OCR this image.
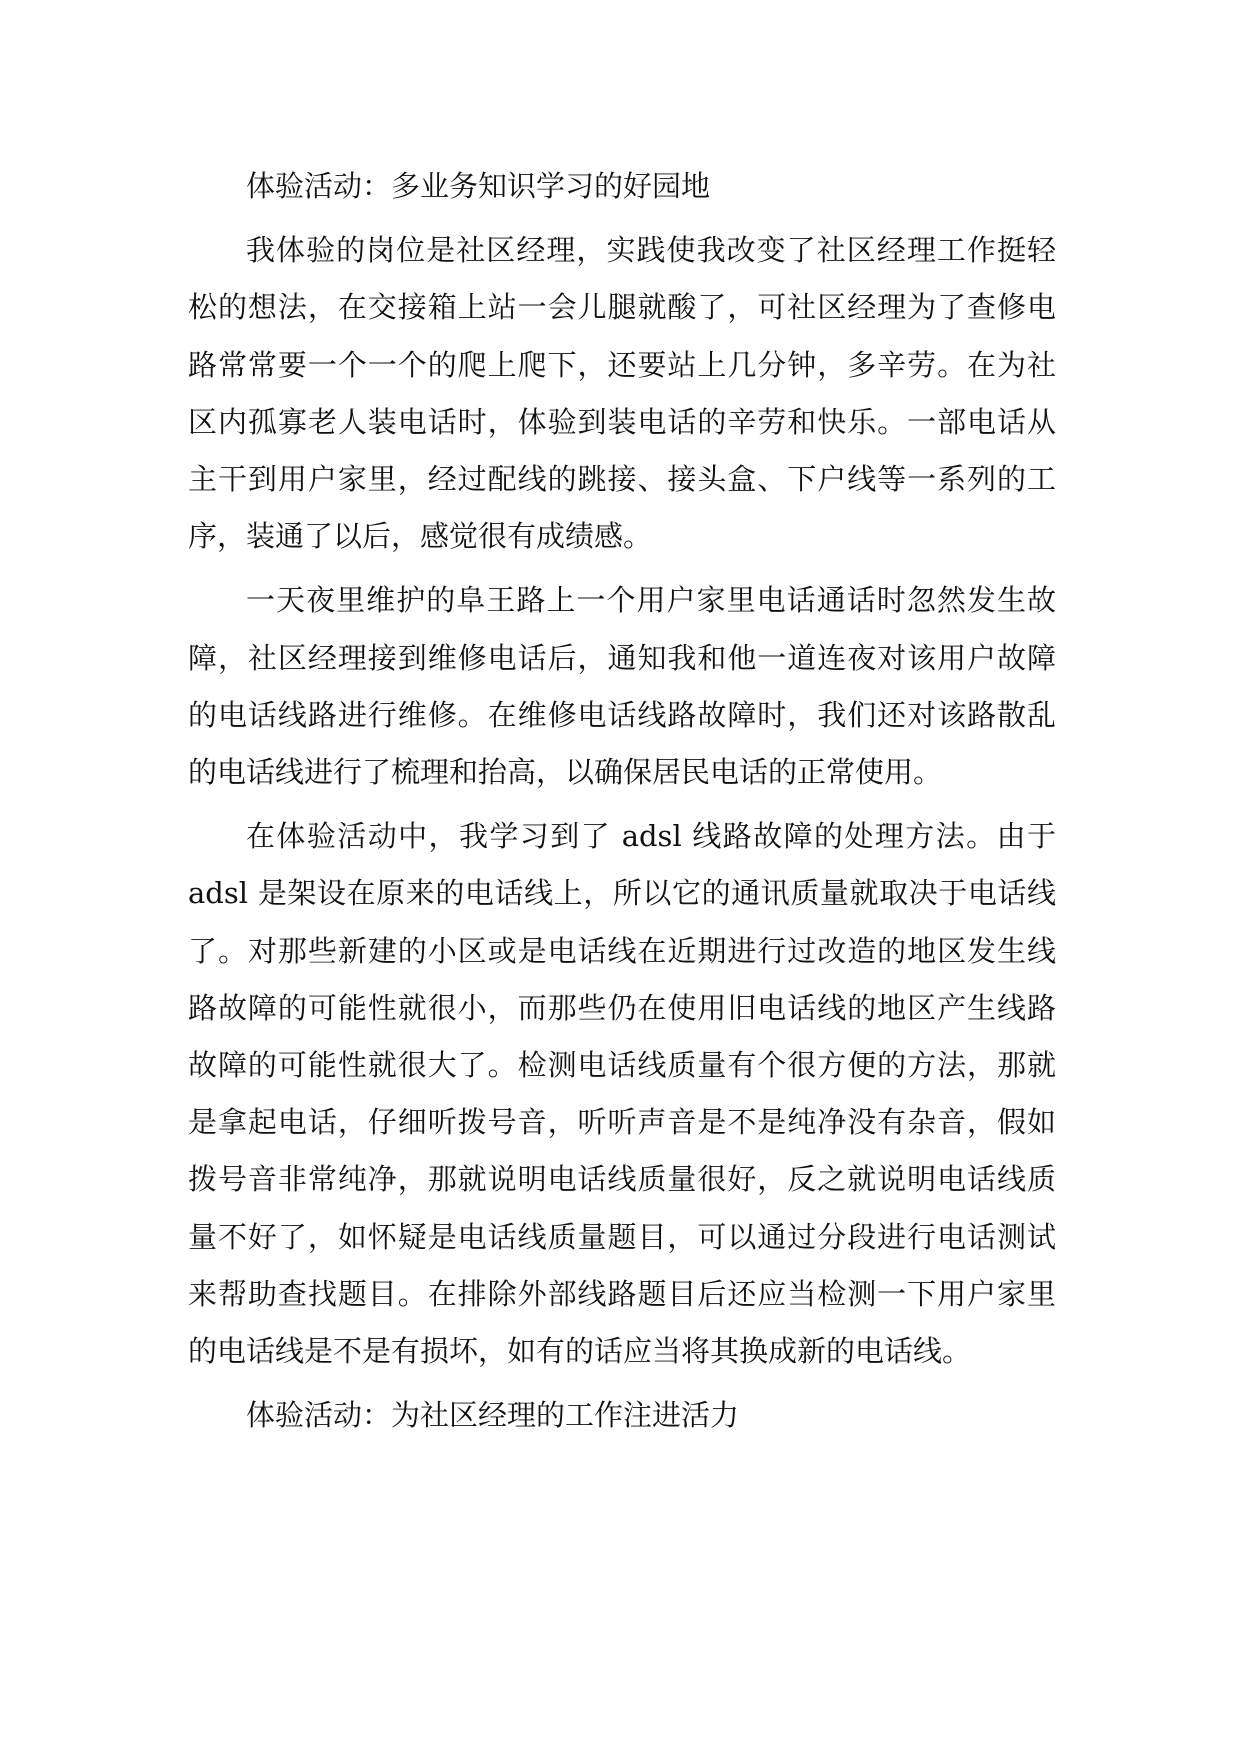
体验活动：多业务知识学习的好园地

我体验的岗位是社区经理，实践使我改变了社区经理工作挺轻松的想法，在交接箱上站一会儿腿就酸了，可社区经理为了查修电路常常要一个一个的爬上爬下，还要站上几分钟，多辛劳。在为社区内孤寡老人装电话时，体验到装电话的辛劳和快乐。一部电话从主干到用户家里，经过配线的跳接、接头盒、下户线等一系列的工序，装通了以后，感觉很有成绩感。

一天夜里维护的阜王路上一个用户家里电话通话时忽然发生故障，社区经理接到维修电话后，通知我和他一道连夜对该用户故障的电话线路进行维修。在维修电话线路故障时，我们还对该路散乱的电话线进行了梳理和抬高，以确保居民电话的正常使用。

在体验活动中，我学习到了 adsl 线路故障的处理方法。由于 adsl 是架设在原来的电话线上，所以它的通讯质量就取决于电话线了。对那些新建的小区或是电话线在近期进行过改造的地区发生线路故障的可能性就很小，而那些仍在使用旧电话线的地区产生线路故障的可能性就很大了。检测电话线质量有个很方便的方法，那就是拿起电话，仔细听拨号音，听听声音是不是纯净没有杂音，假如拨号音非常纯净，那就说明电话线质量很好，反之就说明电话线质量不好了，如怀疑是电话线质量题目，可以通过分段进行电话测试来帮助查找题目。在排除外部线路题目后还应当检测一下用户家里的电话线是不是有损坏，如有的话应当将其换成新的电话线。

体验活动：为社区经理的工作注进活力
